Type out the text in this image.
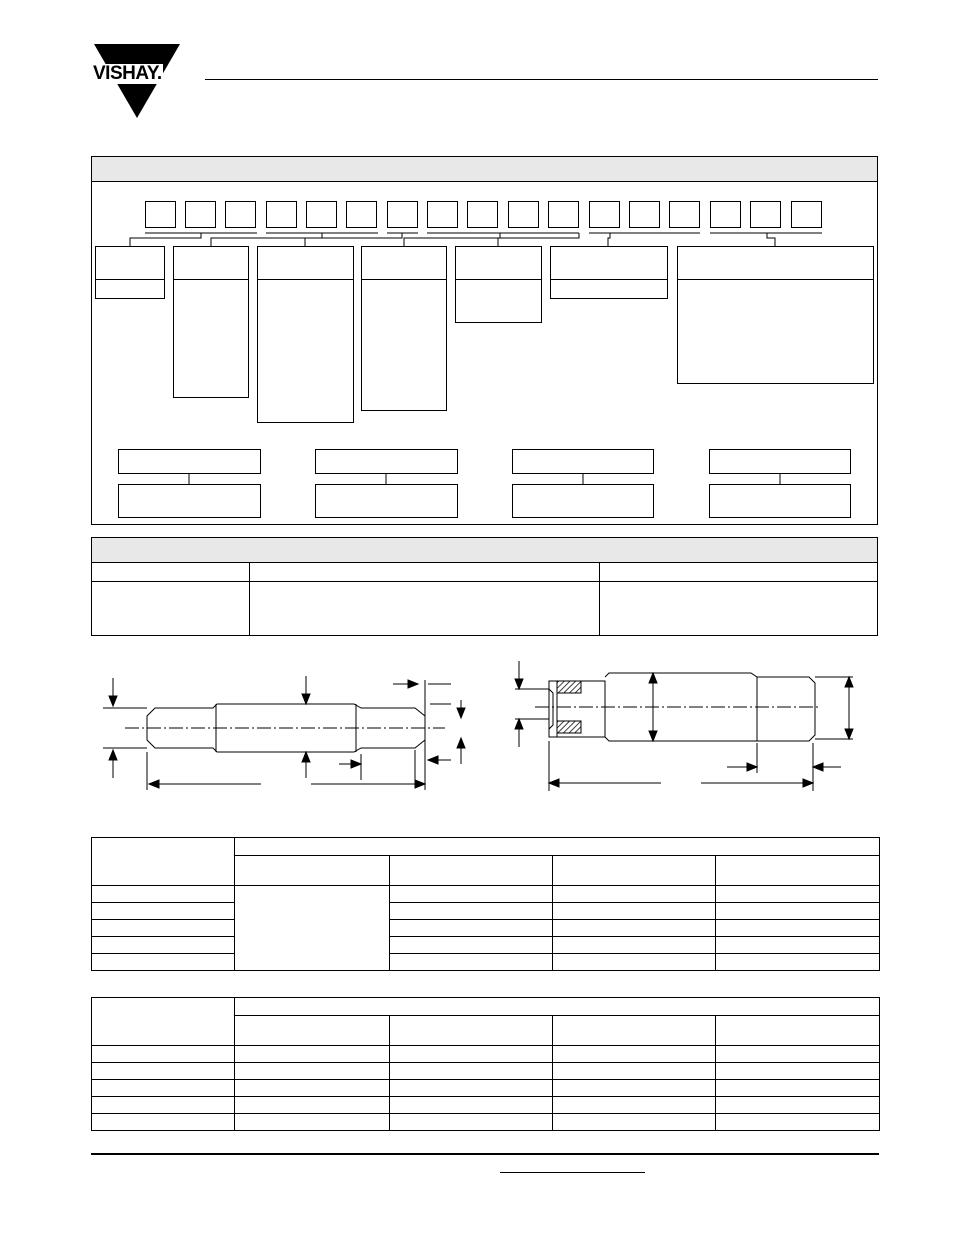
VISHAY.
